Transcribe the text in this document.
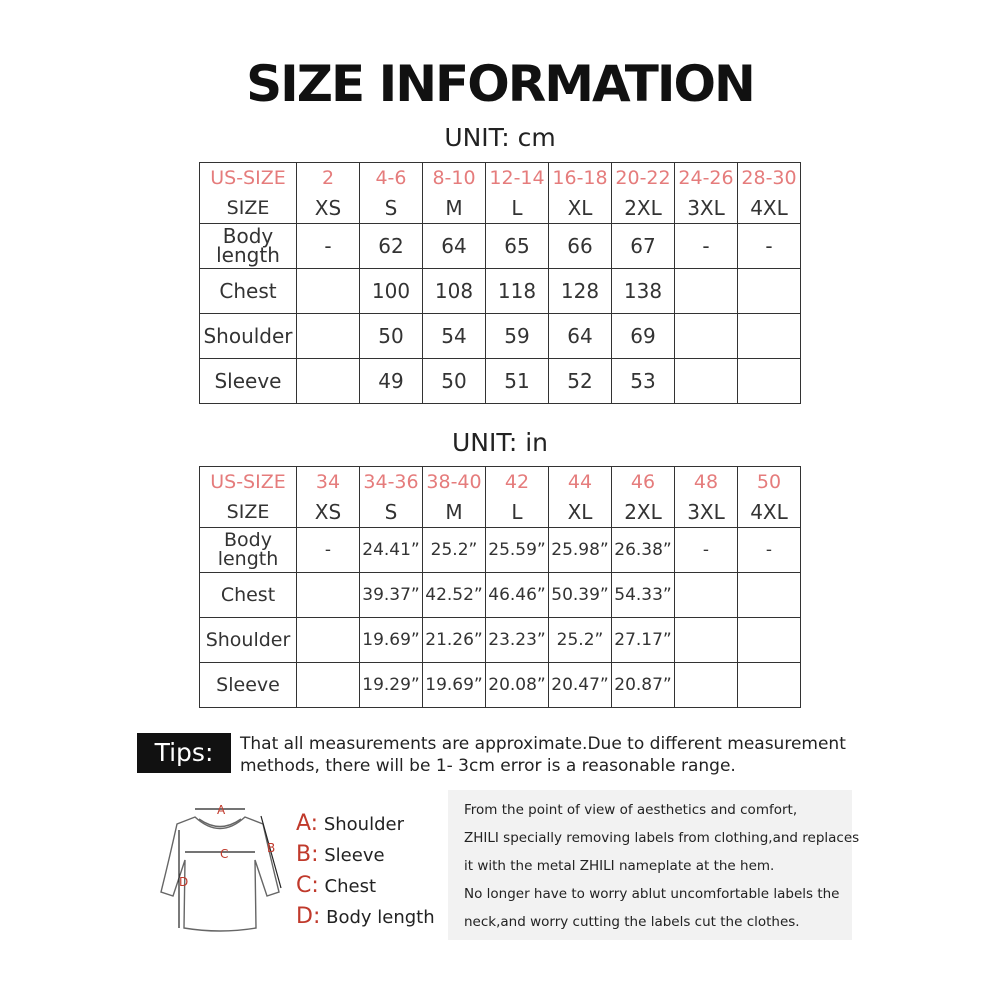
SIZE INFORMATION
UNIT: cm
US-SIZE	2	4-6	8-10	12-14	16-18	20-22	24-26	28-30
SIZE	XS	S	M	L	XL	2XL	3XL	4XL
Body
length	-	62	64	65	66	67	-	-
Chest		100	108	118	128	138		
Shoulder		50	54	59	64	69		
Sleeve		49	50	51	52	53		
UNIT: in
US-SIZE	34	34-36	38-40	42	44	46	48	50
SIZE	XS	S	M	L	XL	2XL	3XL	4XL
Body
length	-	24.41”	25.2”	25.59”	25.98”	26.38”	-	-
Chest		39.37”	42.52”	46.46”	50.39”	54.33”		
Shoulder		19.69”	21.26”	23.23”	25.2”	27.17”		
Sleeve		19.29”	19.69”	20.08”	20.47”	20.87”		
Tips:	That all measurements are approximate.Due to different measurement
methods, there will be 1- 3cm error is a reasonable range.
A
B
C
D
A: Shoulder
B: Sleeve
C: Chest
D: Body length

From the point of view of aesthetics and comfort,

ZHILI specially removing labels from clothing,and replaces

it with the metal ZHILI nameplate at the hem.

No longer have to worry ablut uncomfortable labels the

neck,and worry cutting the labels cut the clothes.
